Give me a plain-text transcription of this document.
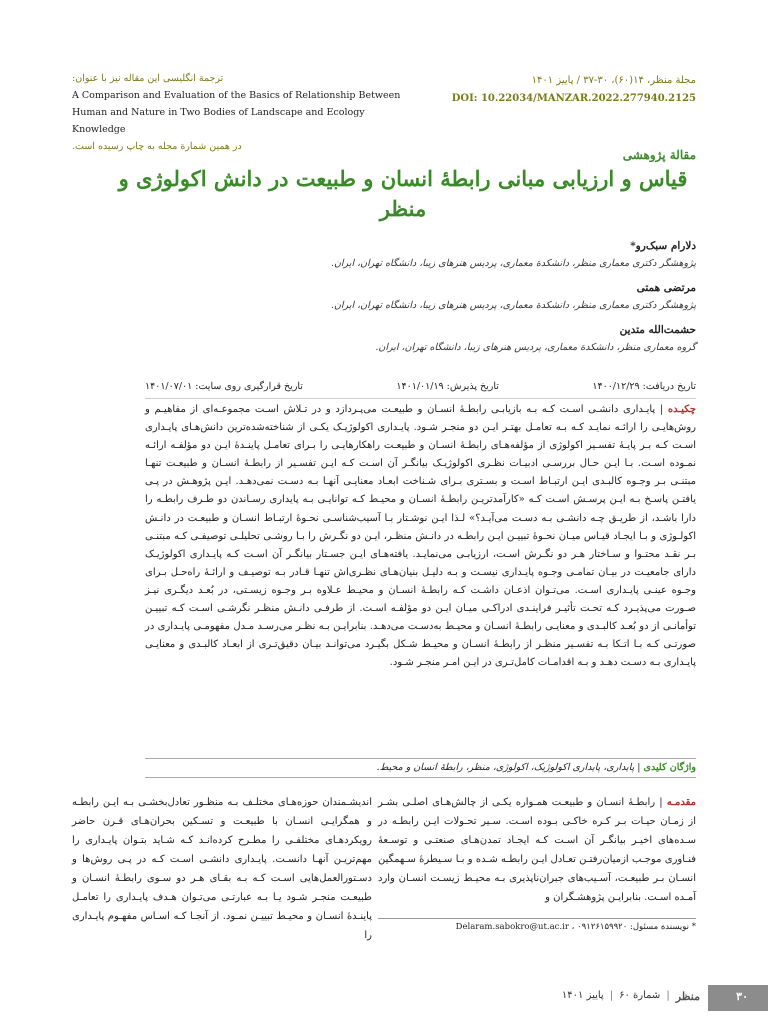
مجلة منظر، ۱۴(۶۰)، ۳۰-۳۷ / پاییز ۱۴۰۱
DOI: 10.22034/MANZAR.2022.277940.2125
ترجمة انگلیسی این مقاله نیز با عنوان:
A Comparison and Evaluation of the Basics of Relationship Between Human and Nature in Two Bodies of Landscape and Ecology Knowledge
در همین شمارة مجله به چاپ رسیده است.
مقالة پژوهشی
قیاس و ارزیابی مبانی رابطۀ انسان و طبیعت در دانش اکولوژی و منظر
دلارام سبک‌رو*
پژوهشگر دکتری معماری منظر، دانشکدة معماری، پردیس هنرهای زیبا، دانشگاه تهران، ایران.
مرتضی همتی
پژوهشگر دکتری معماری منظر، دانشکدة معماری، پردیس هنرهای زیبا، دانشگاه تهران، ایران.
حشمت‌الله متدین
گروه معماری منظر، دانشکدة معماری، پردیس هنرهای زیبا، دانشگاه تهران، ایران.
تاریخ دریافت: ۱۴۰۰/۱۲/۲۹
تاریخ پذیرش: ۱۴۰۱/۰۱/۱۹
تاریخ قرارگیری روی سایت: ۱۴۰۱/۰۷/۰۱
چکیـده | پایـداری دانشـی اسـت کـه بـه بازیابـی رابطـۀ انسـان و طبیعـت می‌پـردازد و در تـلاش اسـت مجموعـه‌ای از مفاهیـم و روش‌هایـی را ارائـه نمایـد کـه بـه تعامـل بهتـر ایـن دو منجـر شـود. پایـداری اکولوژیـک یکـی از شناخته‌شده‌ترین دانش‌هـای پایـداری اسـت کـه بـر پایـۀ تفسـیر اکولوژی از مؤلفه‌هـای رابطـۀ انسـان و طبیعـت راهکارهایـی را بـرای تعامـل پاینـدۀ ایـن دو مؤلفـه ارائـه نمـوده اسـت. بـا ایـن حـال بررسـی ادبیـات نظـری اکولوژیـک بیانگـر آن اسـت کـه ایـن تفسـیر از رابطـۀ انسـان و طبیعـت تنهـا مبتنـی بـر وجـوه کالبـدی ایـن ارتبـاط اسـت و بسـتری بـرای شـناخت ابعـاد معنایـی آنهـا بـه دسـت نمی‌دهـد. ایـن پژوهـش در پـی یافتـن پاسـخ بـه ایـن پرسـش اسـت کـه «کارآمدتریـن رابطـۀ انسـان و محیـط کـه توانایـی بـه پایداری رسـاندن دو طـرف رابطـه را دارا باشـد، از طریـق چـه دانشـی بـه دسـت می‌آیـد؟» لـذا ایـن نوشـتار بـا آسیب‌شناسـی نحـوۀ ارتبـاط انسـان و طبیعـت در دانـش اکولـوژی و بـا ایجـاد قیـاس میـان نحـوۀ تبییـن ایـن رابطـه در دانـش منظـر، ایـن دو نگـرش را بـا روشـی تحلیلـی توصیفـی کـه مبتنـی بـر نقـد محتـوا و سـاختار هـر دو نگـرش اسـت، ارزیابـی می‌نمایـد. یافته‌هـای ایـن جسـتار بیانگـر آن اسـت کـه پایـداری اکولوژیـک دارای جامعیـت در بیـان تمامـی وجـوه پایـداری نیسـت و بـه دلیـل بنیان‌هـای نظـری‌اش تنهـا قـادر بـه توصیـف و ارائـۀ راه‌حـل بـرای وجـوه عینـی پایـداری اسـت. می‌تـوان اذعـان داشـت کـه رابطـۀ انسـان و محیـط عـلاوه بـر وجـوه زیسـتی، در بُعـد دیگـری نیـز صـورت می‌پذیـرد کـه تحـت تأثیـر فراینـدی ادراکـی میـان ایـن دو مؤلفـه اسـت. از طرفـی دانـش منظـر نگرشـی اسـت کـه تبییـن توأمانـی از دو بُعـد کالبـدی و معنایـی رابطـۀ انسـان و محیـط به‌دسـت می‌دهـد. بنابرایـن بـه نظـر می‌رسـد مـدل مفهومـی پایـداری در صورتـی کـه بـا اتـکا بـه تفسـیر منظـر از رابطـۀ انسـان و محیـط شـکل بگیـرد می‌توانـد بیـان دقیق‌تـری از ابعـاد کالبـدی و معنایـی پایـداری بـه دسـت دهـد و بـه اقدامـات کامل‌تـری در ایـن امـر منجـر شـود.
واژگان کلیدی | پایداری، پایداری اکولوژیک، اکولوژی، منظر، رابطۀ انسان و محیط.
مقدمـه | رابطـۀ انسـان و طبیعـت همـواره یکـی از چالش‌هـای اصلـی بشـر از زمـان حیـات بـر کـره خاکـی بـوده اسـت. سـیر تحـولات ایـن رابطـه در سـده‌های اخیـر بیانگـر آن اسـت کـه ایجـاد تمدن‌هـای صنعتـی و توسـعۀ فنـاوری موجـب ازمیان‌رفتـن تعـادل ایـن رابطـه شـده و بـا سـیطرۀ سـهمگین انسـان بـر طبیعـت، آسـیب‌های جبران‌ناپذیری بـه محیـط زیسـت انسـان وارد آمـده اسـت. بنابرایـن پژوهشـگران و
اندیشـمندان حوزه‌هـای مختلـف بـه منظـور تعادل‌بخشـی بـه ایـن رابطـه و همگرایـی انسـان با طبیعـت و تسـکین بحران‌هـای قـرن حاضر رویکردهـای مختلفـی را مطـرح کرده‌انـد کـه شـاید بتـوان پایـداری را مهم‌تریـن آنهـا دانسـت. پایـداری دانشـی اسـت کـه در پـی روش‌ها و دسـتورالعمل‌هایی اسـت کـه بـه بقـای هـر دو سـوی رابطـۀ انسـان و طبیعـت منجـر شـود یـا بـه عبارتـی می‌تـوان هـدف پایـداری را تعامـل پاینـدۀ انسـان و محیـط تبییـن نمـود. از آنجـا کـه اسـاس مفهـوم پایـداری را
* نویسندة مسئول: ۰۹۱۲۶۱۵۹۹۲۰ ، Delaram.sabokro@ut.ac.ir
۳۰
منظر
|
شمارة ۶۰
|
پاییز ۱۴۰۱
